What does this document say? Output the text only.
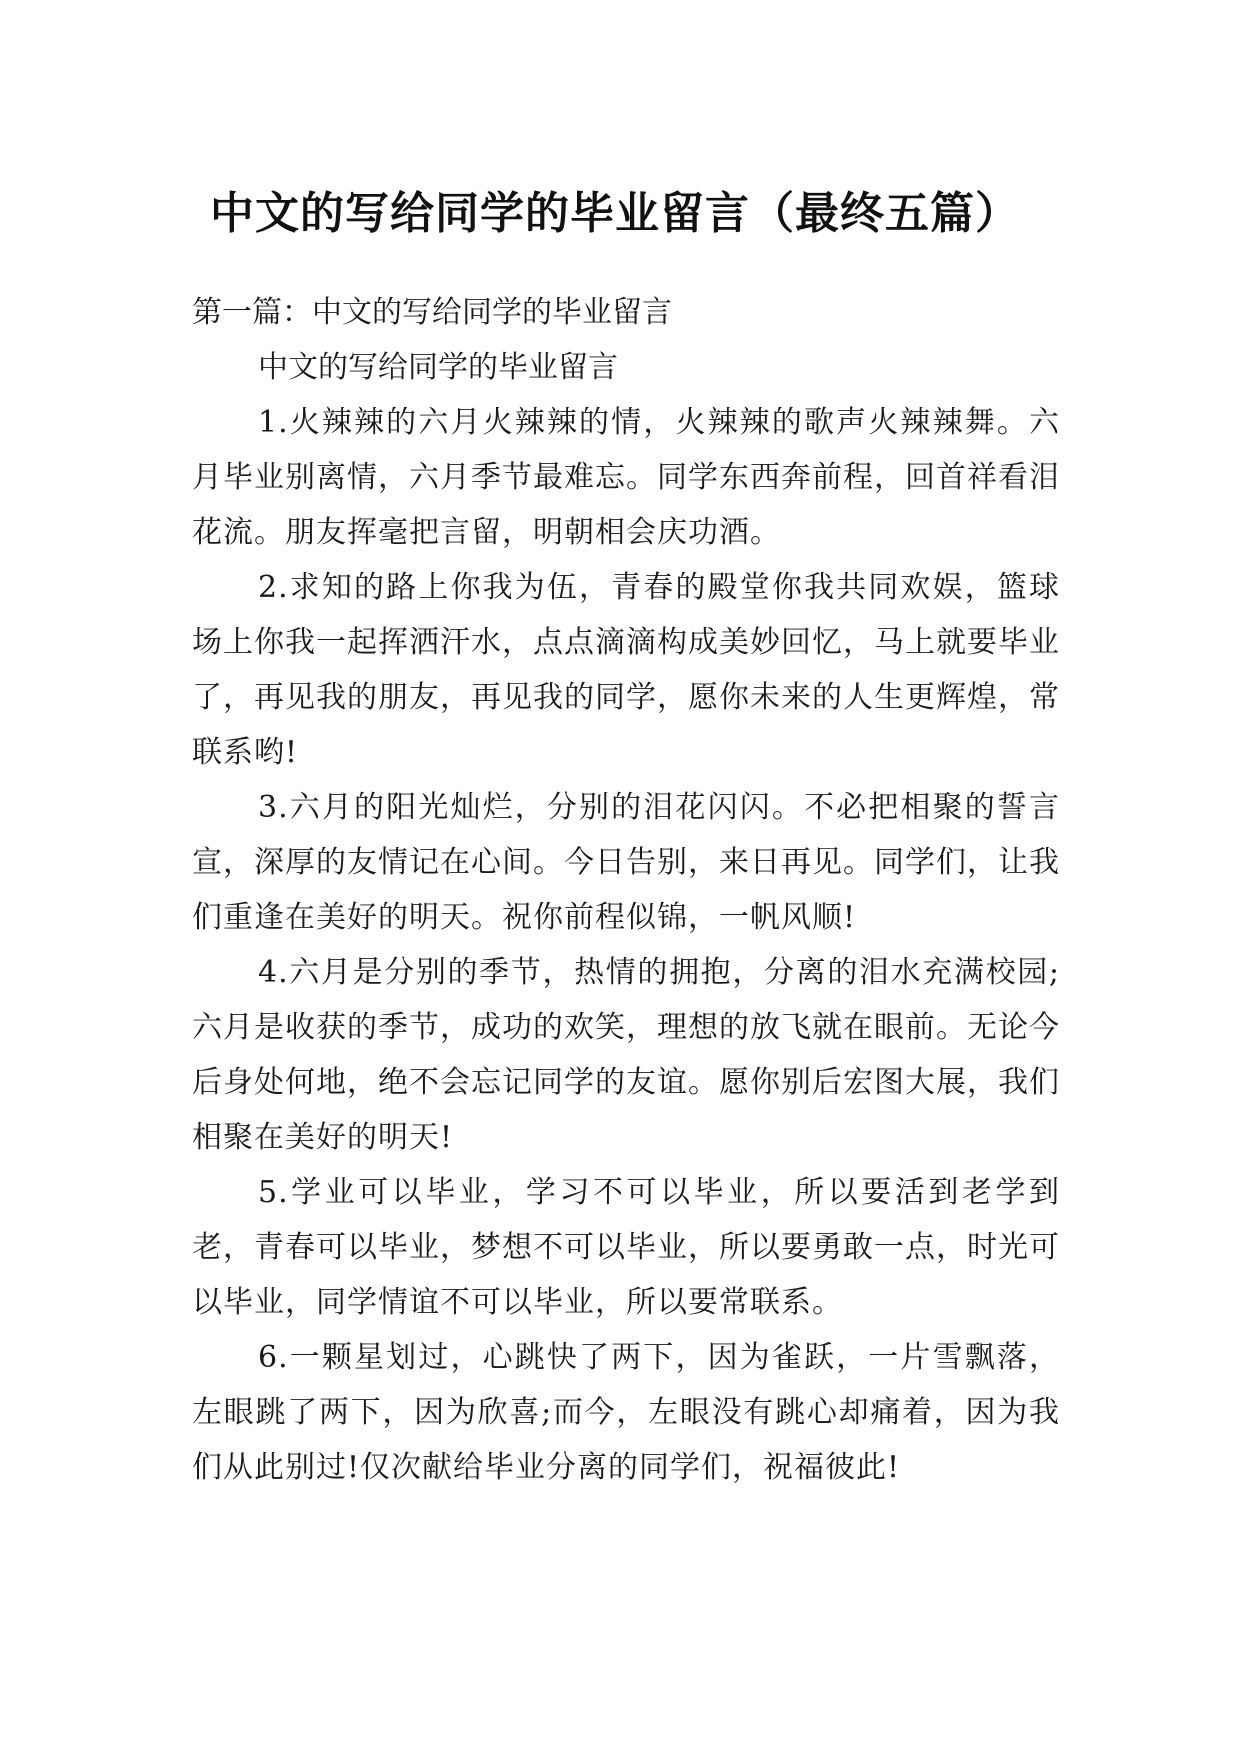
中文的写给同学的毕业留言（最终五篇）

第一篇：中文的写给同学的毕业留言

中文的写给同学的毕业留言

1.火辣辣的六月火辣辣的情，火辣辣的歌声火辣辣舞。六月毕业别离情，六月季节最难忘。同学东西奔前程，回首祥看泪花流。朋友挥毫把言留，明朝相会庆功酒。

2.求知的路上你我为伍，青春的殿堂你我共同欢娱，篮球场上你我一起挥洒汗水，点点滴滴构成美妙回忆，马上就要毕业了，再见我的朋友，再见我的同学，愿你未来的人生更辉煌，常联系哟!

3.六月的阳光灿烂，分别的泪花闪闪。不必把相聚的誓言宣，深厚的友情记在心间。今日告别，来日再见。同学们，让我们重逢在美好的明天。祝你前程似锦，一帆风顺!

4.六月是分别的季节，热情的拥抱，分离的泪水充满校园;六月是收获的季节，成功的欢笑，理想的放飞就在眼前。无论今后身处何地，绝不会忘记同学的友谊。愿你别后宏图大展，我们相聚在美好的明天!

5.学业可以毕业，学习不可以毕业，所以要活到老学到老，青春可以毕业，梦想不可以毕业，所以要勇敢一点，时光可以毕业，同学情谊不可以毕业，所以要常联系。

6.一颗星划过，心跳快了两下，因为雀跃，一片雪飘落，左眼跳了两下，因为欣喜;而今，左眼没有跳心却痛着，因为我们从此别过!仅次献给毕业分离的同学们，祝福彼此!
